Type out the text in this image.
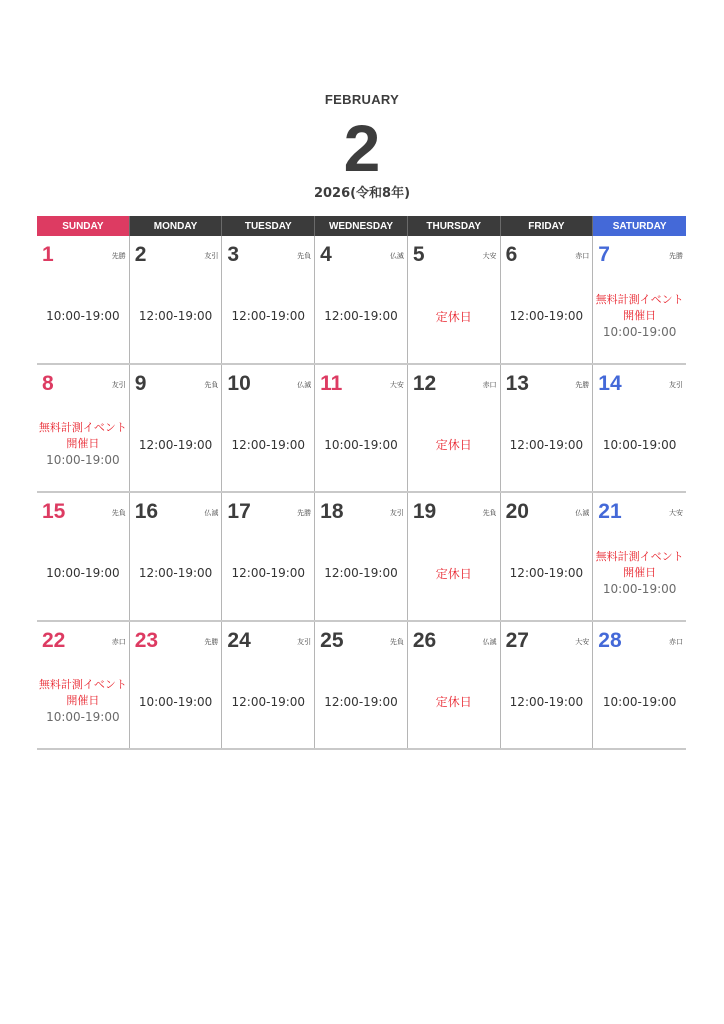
FEBRUARY
2
2026(令和8年)
SUNDAY	MONDAY	TUESDAY	WEDNESDAY	THURSDAY	FRIDAY	SATURDAY
1	先勝
10:00-19:00
2	友引
12:00-19:00
3	先負
12:00-19:00
4	仏滅
12:00-19:00
5	大安
定休日
6	赤口
12:00-19:00
7	先勝
無料計測イベント
開催日
10:00-19:00
8	友引
無料計測イベント
開催日
10:00-19:00
9	先負
12:00-19:00
10	仏滅
12:00-19:00
11	大安
10:00-19:00
12	赤口
定休日
13	先勝
12:00-19:00
14	友引
10:00-19:00
15	先負
10:00-19:00
16	仏滅
12:00-19:00
17	先勝
12:00-19:00
18	友引
12:00-19:00
19	先負
定休日
20	仏滅
12:00-19:00
21	大安
無料計測イベント
開催日
10:00-19:00
22	赤口
無料計測イベント
開催日
10:00-19:00
23	先勝
10:00-19:00
24	友引
12:00-19:00
25	先負
12:00-19:00
26	仏滅
定休日
27	大安
12:00-19:00
28	赤口
10:00-19:00
